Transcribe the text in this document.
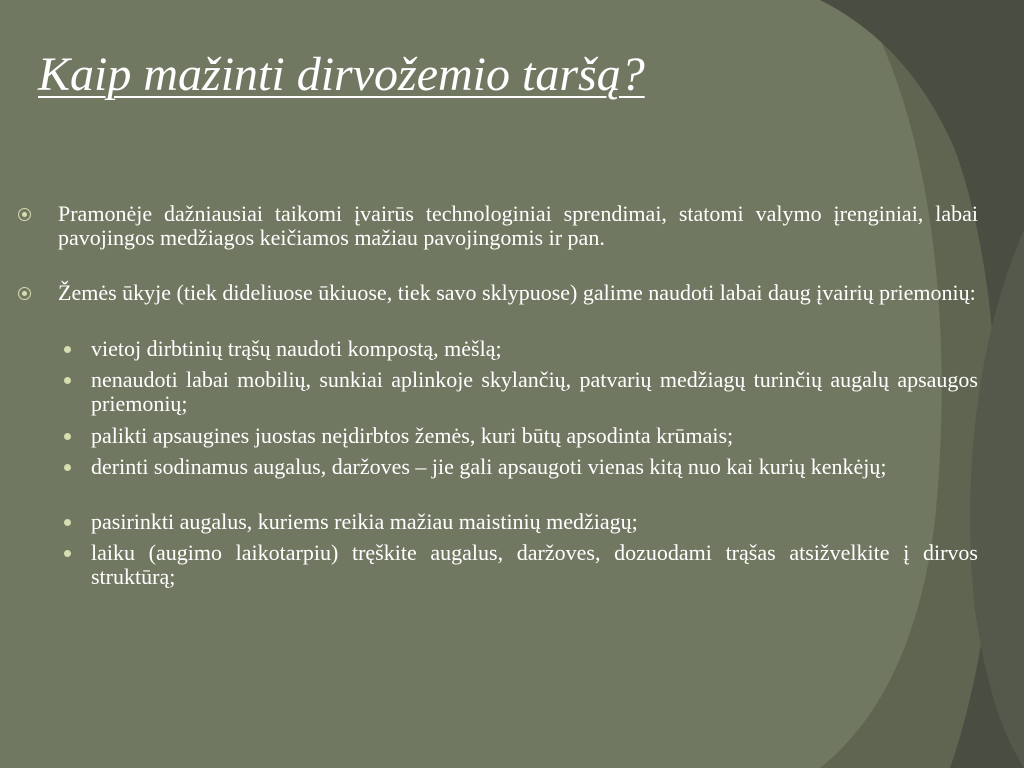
Kaip mažinti dirvožemio taršą?
Pramonėje dažniausiai taikomi įvairūs technologiniai sprendimai, statomi valymo įrenginiai, labai pavojingos medžiagos keičiamos mažiau pavojingomis ir pan.
Žemės ūkyje (tiek dideliuose ūkiuose, tiek savo sklypuose) galime naudoti labai daug įvairių priemonių:
vietoj dirbtinių trąšų naudoti kompostą, mėšlą;
nenaudoti labai mobilių, sunkiai aplinkoje skylančių, patvarių medžiagų turinčių augalų apsaugos priemonių;
palikti apsaugines juostas neįdirbtos žemės, kuri būtų apsodinta krūmais;
derinti sodinamus augalus, daržoves – jie gali apsaugoti vienas kitą nuo kai kurių kenkėjų;
pasirinkti augalus, kuriems reikia mažiau maistinių medžiagų;
laiku (augimo laikotarpiu) tręškite augalus, daržoves, dozuodami trąšas atsižvelkite į dirvos struktūrą;
